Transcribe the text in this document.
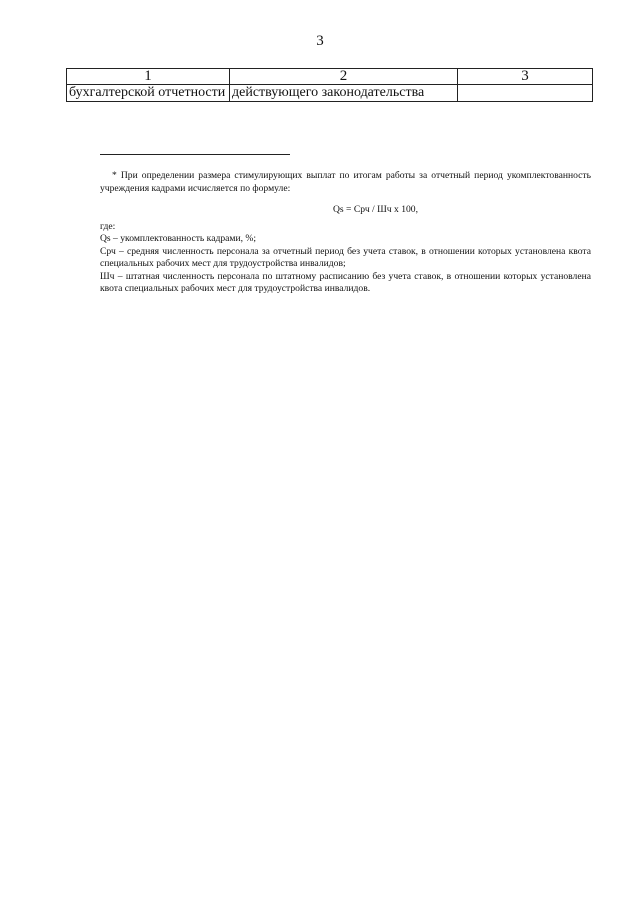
3
1	2	3
бухгалтерской отчетности	действующего законодательства	

* При определении размера стимулирующих выплат по итогам работы за отчетный период укомплектованность учреждения кадрами исчисляется по формуле:

Qs = Срч / Шч х 100,

где:

Qs – укомплектованность кадрами, %;

Срч – средняя численность персонала за отчетный период без учета ставок, в отношении которых установлена квота специальных рабочих мест для трудоустройства инвалидов;

Шч – штатная численность персонала по штатному расписанию без учета ставок, в отношении которых установлена квота специальных рабочих мест для трудоустройства инвалидов.
